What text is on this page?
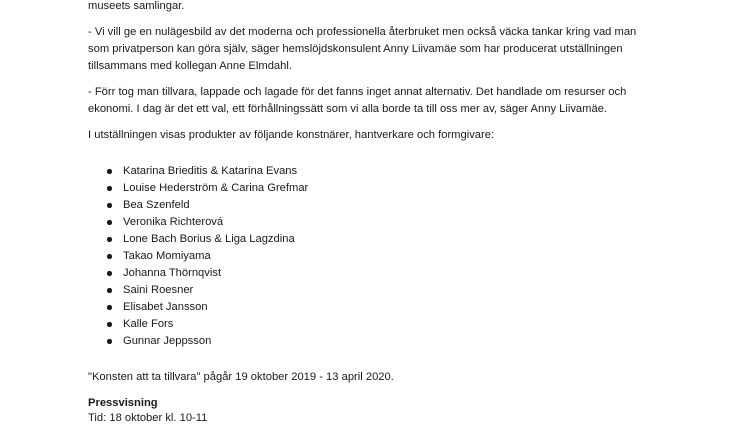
museets samlingar.
- Vi vill ge en nulägesbild av det moderna och professionella återbruket men också väcka tankar kring vad man
som privatperson kan göra själv, säger hemslöjdskonsulent Anny Liivamäe som har producerat utställningen
tillsammans med kollegan Anne Elmdahl.
- Förr tog man tillvara, lappade och lagade för det fanns inget annat alternativ. Det handlade om resurser och
ekonomi. I dag är det ett val, ett förhållningssätt som vi alla borde ta till oss mer av, säger Anny Liivamäe.
I utställningen visas produkter av följande konstnärer, hantverkare och formgivare:
Katarina Brieditis & Katarina Evans
Louise Hederström & Carina Grefmar
Bea Szenfeld
Veronika Richterová
Lone Bach Borius & Liga Lagzdina
Takao Momiyama
Johanna Thörnqvist
Saini Roesner
Elisabet Jansson
Kalle Fors
Gunnar Jeppsson
"Konsten att ta tillvara" pågår 19 oktober 2019 - 13 april 2020.
Pressvisning
Tid: 18 oktober kl. 10-11
